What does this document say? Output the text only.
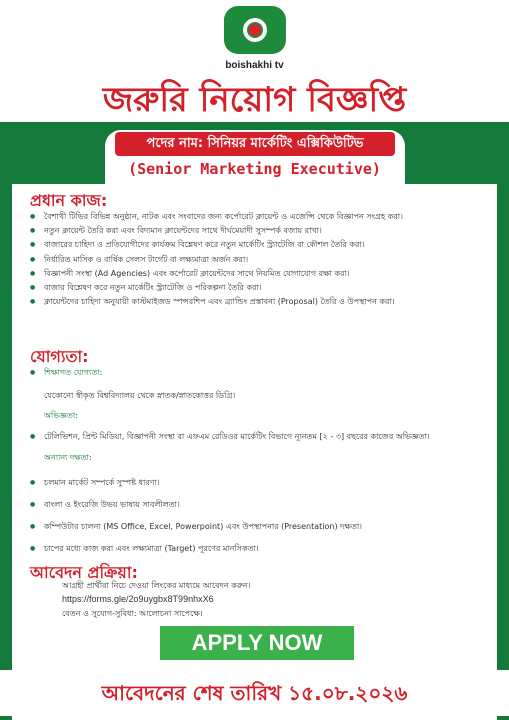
boishakhi tv
জরুরি নিয়োগ বিজ্ঞপ্তি
পদের নাম: সিনিয়র মার্কেটিং এক্সিকিউটিভ
(Senior Marketing Executive)
প্রধান কাজ:
● বৈশাখী টিভির বিভিন্ন অনুষ্ঠান, নাটক এবং সংবাদের জন্য কর্পোরেট ক্লায়েন্ট ও এজেন্সি থেকে বিজ্ঞাপন সংগ্রহ করা।
● নতুন ক্লায়েন্ট তৈরি করা এবং বিদ্যমান ক্লায়েন্টদের সাথে দীর্ঘমেয়াদী সুসম্পর্ক বজায় রাখা।
● বাজারের চাহিদা ও প্রতিযোগীদের কার্যক্রম বিশ্লেষণ করে নতুন মার্কেটিং স্ট্র্যাটেজি বা কৌশল তৈরি করা।
● নির্ধারিত মাসিক ও বার্ষিক সেলস টার্গেট বা লক্ষ্যমাত্রা অর্জন করা।
● বিজ্ঞাপনী সংস্থা (Ad Agencies) এবং কর্পোরেট ক্লায়েন্টদের সাথে নিয়মিত যোগাযোগ রক্ষা করা।
● বাজার বিশ্লেষণ করে নতুন মার্কেটিং স্ট্র্যাটেজি ও পরিকল্পনা তৈরি করা।
● ক্লায়েন্টদের চাহিদা অনুযায়ী কাস্টমাইজড স্পন্সরশিপ এবং ব্র্যান্ডিং প্রস্তাবনা (Proposal) তৈরি ও উপস্থাপন করা।
যোগ্যতা:
● শিক্ষাগত যোগ্যতা:
যেকোনো স্বীকৃত বিশ্ববিদ্যালয় থেকে স্নাতক/স্নাতকোত্তর ডিগ্রি।
অভিজ্ঞতা:
● টেলিভিশন, প্রিন্ট মিডিয়া, বিজ্ঞাপনী সংস্থা বা এফএম রেডিওর মার্কেটিং বিভাগে ন্যূনতম [২ - ৩] বছরের কাজের অভিজ্ঞতা।
অন্যান্য দক্ষতা:
● চলমান মার্কেট সম্পর্কে সুস্পষ্ট ধারণা।
● বাংলা ও ইংরেজি উভয় ভাষায় সাবলীলতা।
● কম্পিউটার চালনা (MS Office, Excel, Powerpoint) এবং উপস্থাপনার (Presentation) দক্ষতা।
● চাপের মধ্যে কাজ করা এবং লক্ষ্যমাত্রা (Target) পূরণের মানসিকতা।
আবেদন প্রক্রিয়া:
আগ্রহী প্রার্থীরা নিচে দেওয়া লিংকের মাধ্যমে আবেদন করুন।
https://forms.gle/2o9uygbx8T99nhxX6
বেতন ও সুযোগ-সুবিধা: আলোচনা সাপেক্ষে।
APPLY NOW
আবেদনের শেষ তারিখ ১৫.০৮.২০২৬
